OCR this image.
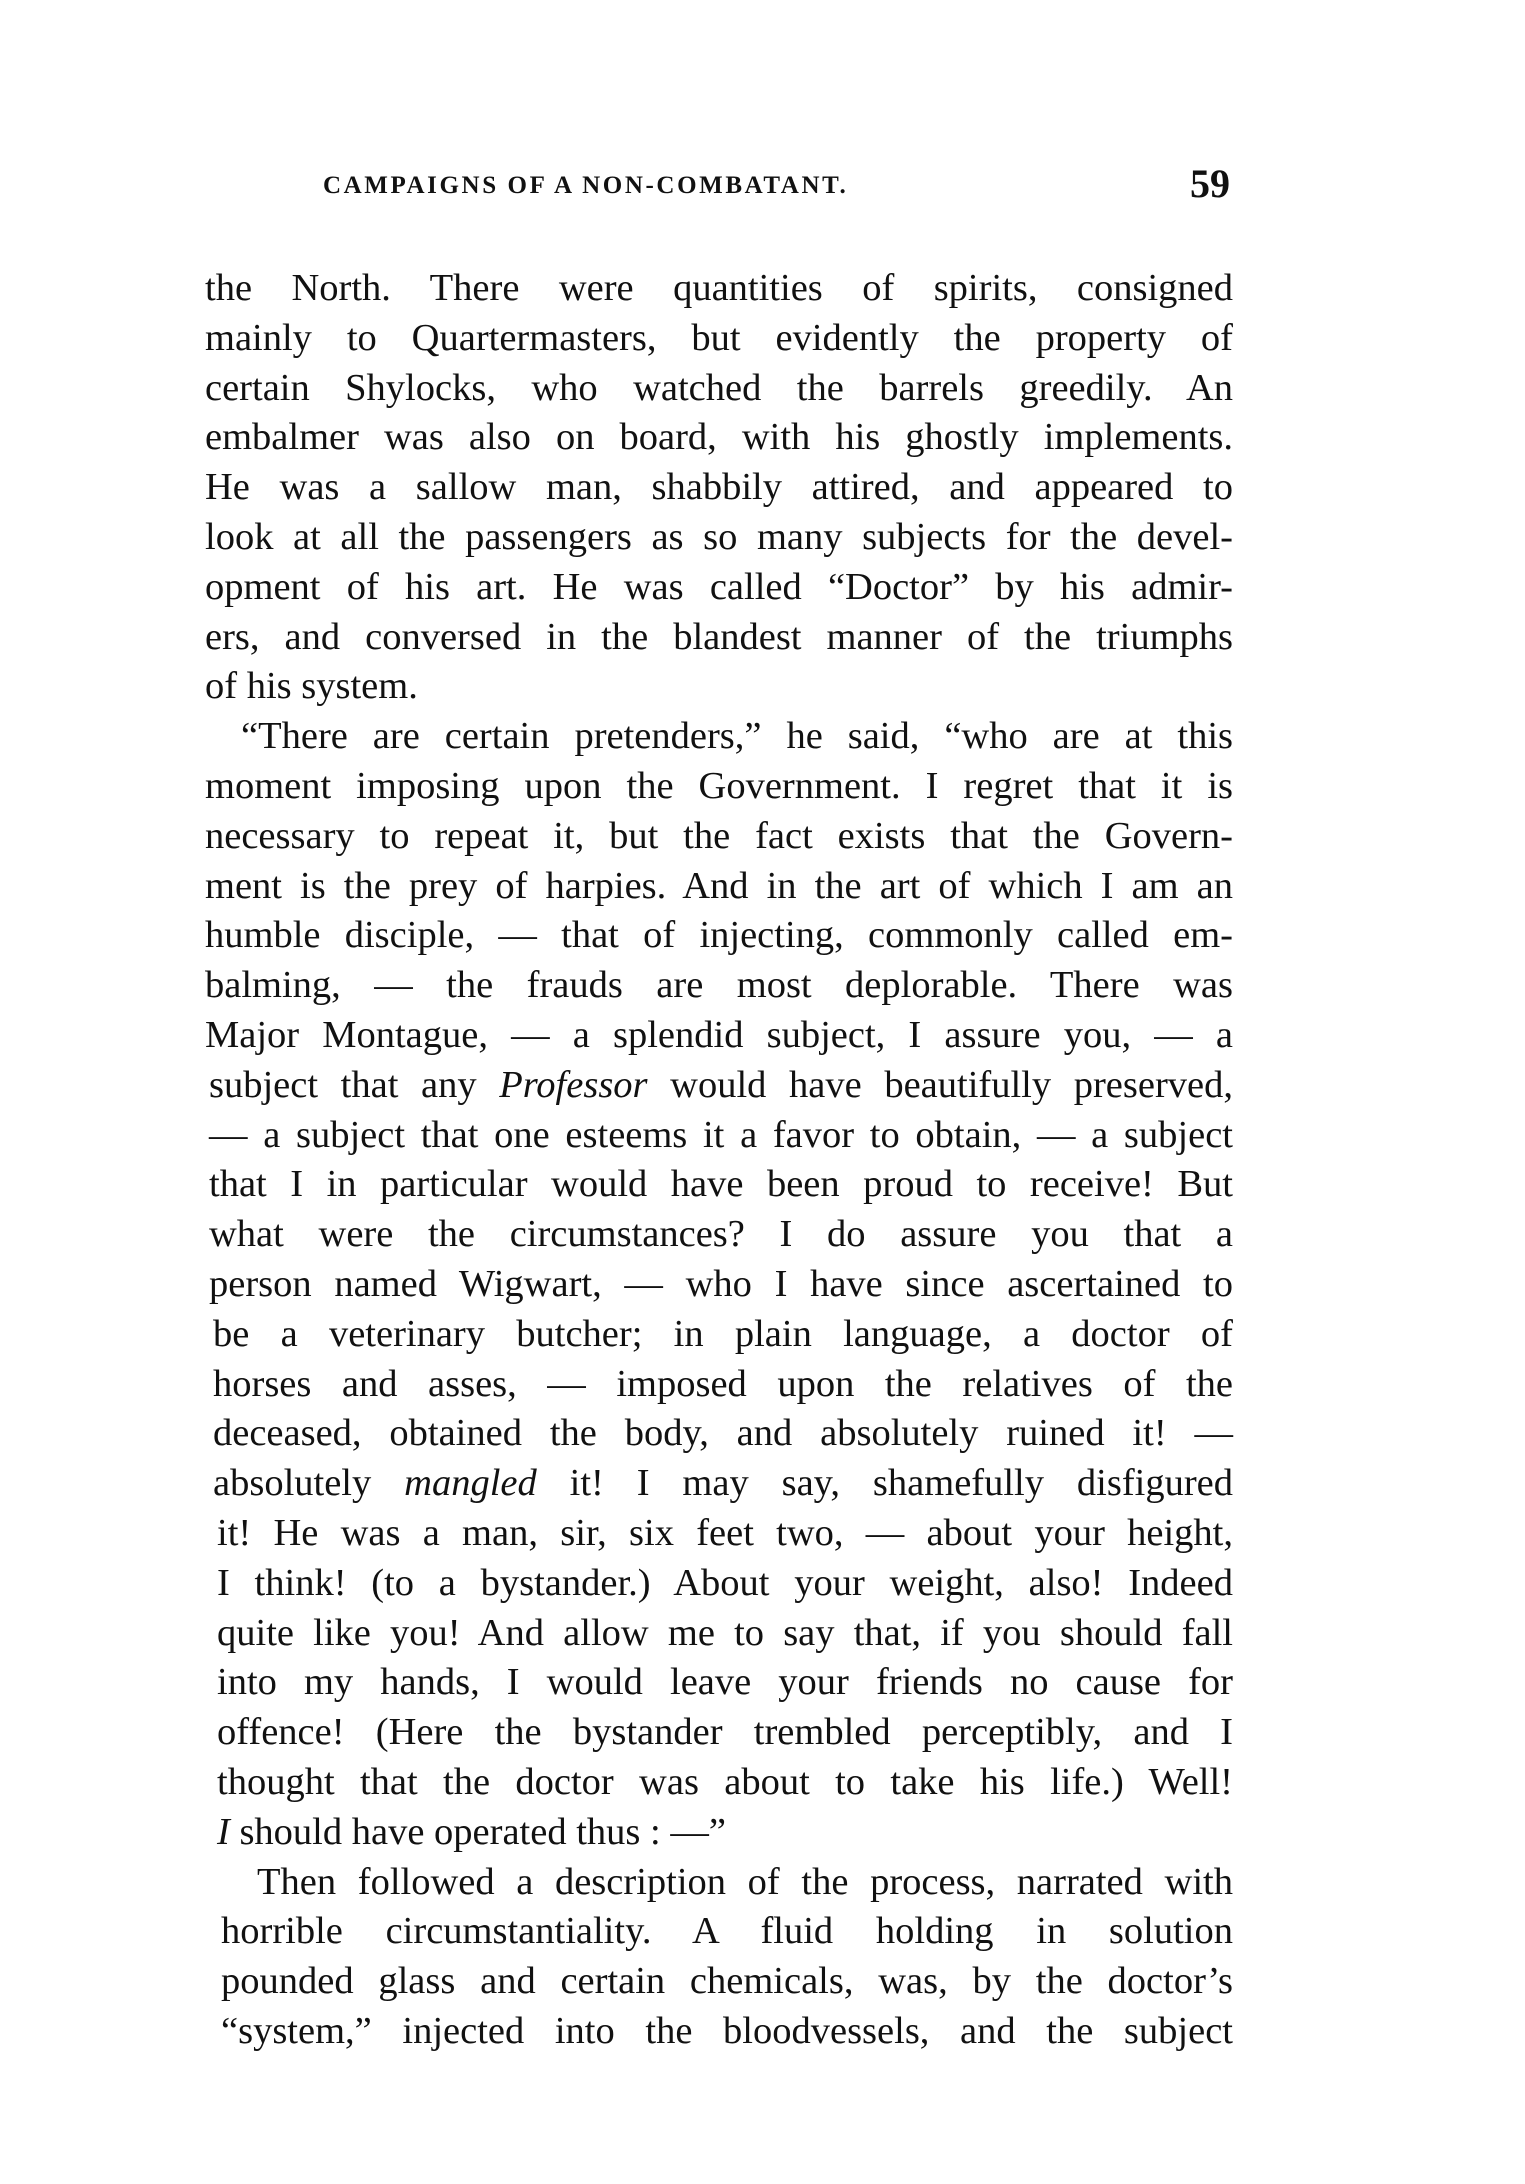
CAMPAIGNS OF A NON-COMBATANT.	59
the North. There were quantities of spirits, consigned
mainly to Quartermasters, but evidently the property of
certain Shylocks, who watched the barrels greedily. An
embalmer was also on board, with his ghostly implements.
He was a sallow man, shabbily attired, and appeared to
look at all the passengers as so many subjects for the devel-
opment of his art. He was called “Doctor” by his admir-
ers, and conversed in the blandest manner of the triumphs
of his system.
“There are certain pretenders,” he said, “who are at this
moment imposing upon the Government. I regret that it is
necessary to repeat it, but the fact exists that the Govern-
ment is the prey of harpies. And in the art of which I am an
humble disciple, — that of injecting, commonly called em-
balming, — the frauds are most deplorable. There was
Major Montague, — a splendid subject, I assure you, — a
subject that any Professor would have beautifully preserved,
— a subject that one esteems it a favor to obtain, — a subject
that I in particular would have been proud to receive! But
what were the circumstances? I do assure you that a
person named Wigwart, — who I have since ascertained to
be a veterinary butcher; in plain language, a doctor of
horses and asses, — imposed upon the relatives of the
deceased, obtained the body, and absolutely ruined it! —
absolutely mangled it! I may say, shamefully disfigured
it! He was a man, sir, six feet two, — about your height,
I think! (to a bystander.) About your weight, also! Indeed
quite like you! And allow me to say that, if you should fall
into my hands, I would leave your friends no cause for
offence! (Here the bystander trembled perceptibly, and I
thought that the doctor was about to take his life.) Well!
I should have operated thus : —”
Then followed a description of the process, narrated with
horrible circumstantiality. A fluid holding in solution
pounded glass and certain chemicals, was, by the doctor’s
“system,” injected into the bloodvessels, and the subject
